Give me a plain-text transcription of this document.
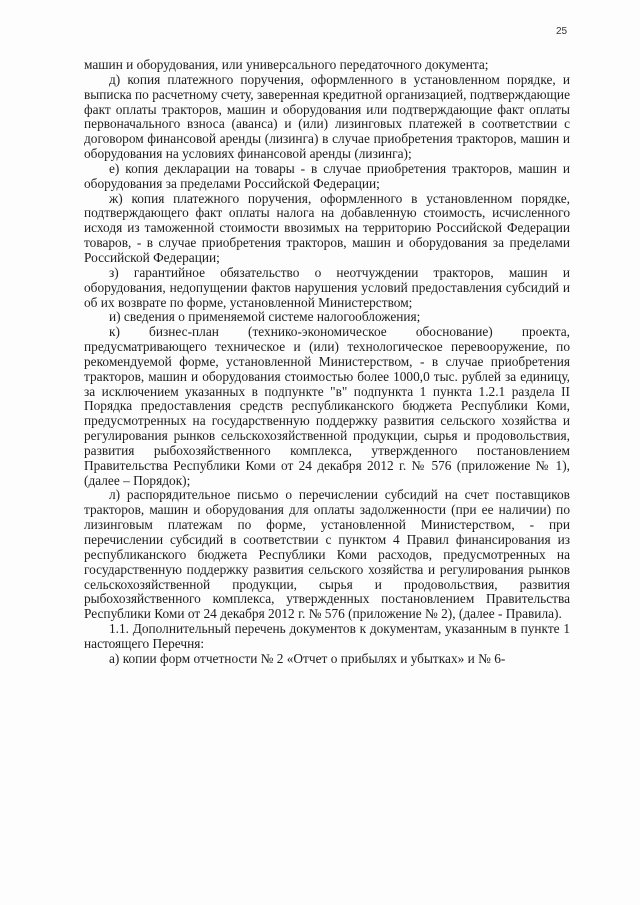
25

машин и оборудования, или универсального передаточного документа;

д) копия платежного поручения, оформленного в установленном порядке, и выписка по расчетному счету, заверенная кредитной организацией, подтверждающие факт оплаты тракторов, машин и оборудования или подтверждающие факт оплаты первоначального взноса (аванса) и (или) лизинговых платежей в соответствии с договором финансовой аренды (лизинга) в случае приобретения тракторов, машин и оборудования на условиях финансовой аренды (лизинга);

е) копия декларации на товары - в случае приобретения тракторов, машин и оборудования за пределами Российской Федерации;

ж) копия платежного поручения, оформленного в установленном порядке, подтверждающего факт оплаты налога на добавленную стоимость, исчисленного исходя из таможенной стоимости ввозимых на территорию Российской Федерации товаров, - в случае приобретения тракторов, машин и оборудования за пределами Российской Федерации;

з) гарантийное обязательство о неотчуждении тракторов, машин и оборудования, недопущении фактов нарушения условий предоставления субсидий и об их возврате по форме, установленной Министерством;

и) сведения о применяемой системе налогообложения;

к) бизнес-план (технико-экономическое обоснование) проекта, предусматривающего техническое и (или) технологическое перевооружение, по рекомендуемой форме, установленной Министерством, - в случае приобретения тракторов, машин и оборудования стоимостью более 1000,0 тыс. рублей за единицу, за исключением указанных в подпункте "в" подпункта 1 пункта 1.2.1 раздела II Порядка предоставления средств республиканского бюджета Республики Коми, предусмотренных на государственную поддержку развития сельского хозяйства и регулирования рынков сельскохозяйственной продукции, сырья и продовольствия, развития рыбохозяйственного комплекса, утвержденного постановлением Правительства Республики Коми от 24 декабря 2012 г. № 576 (приложение № 1), (далее – Порядок);

л) распорядительное письмо о перечислении субсидий на счет поставщиков тракторов, машин и оборудования для оплаты задолженности (при ее наличии) по лизинговым платежам по форме, установленной Министерством, - при перечислении субсидий в соответствии с пунктом 4 Правил финансирования из республиканского бюджета Республики Коми расходов, предусмотренных на государственную поддержку развития сельского хозяйства и регулирования рынков сельскохозяйственной продукции, сырья и продовольствия, развития рыбохозяйственного комплекса, утвержденных постановлением Правительства Республики Коми от 24 декабря 2012 г. № 576 (приложение № 2), (далее - Правила).

1.1. Дополнительный перечень документов к документам, указанным в пункте 1 настоящего Перечня:

а) копии форм отчетности № 2 «Отчет о прибылях и убытках» и № 6-
